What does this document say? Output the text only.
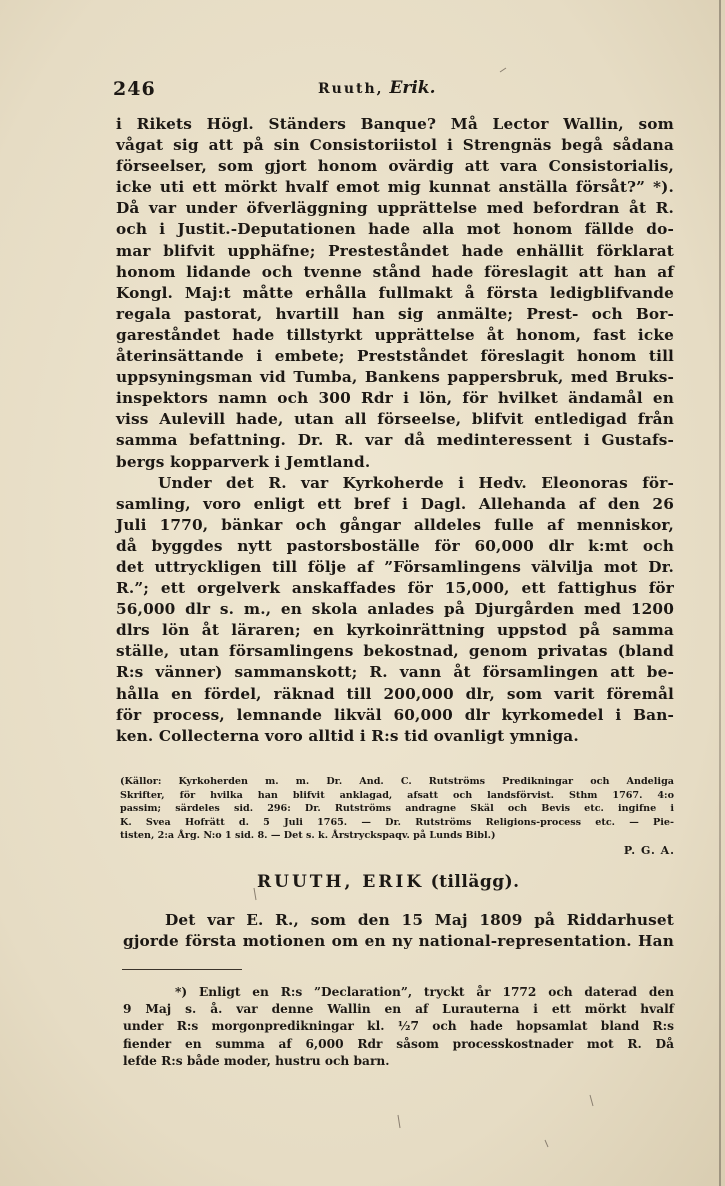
246	Ruuth, Erik.
i Rikets Högl. Ständers Banque? Må Lector Wallin, som
vågat sig att på sin Consistoriistol i Strengnäs begå sådana
förseelser, som gjort honom ovärdig att vara Consistorialis,
icke uti ett mörkt hvalf emot mig kunnat anställa försåt?” *).
Då var under öfverläggning upprättelse med befordran åt R.
och i Justit.-Deputationen hade alla mot honom fällde do-
mar blifvit upphäfne; Presteståndet hade enhällit förklarat
honom lidande och tvenne stånd hade föreslagit att han af
Kongl. Maj:t måtte erhålla fullmakt å första ledigblifvande
regala pastorat, hvartill han sig anmälte; Prest- och Bor-
gareståndet hade tillstyrkt upprättelse åt honom, fast icke
återinsättande i embete; Prestståndet föreslagit honom till
uppsyningsman vid Tumba, Bankens pappersbruk, med Bruks-
inspektors namn och 300 Rdr i lön, för hvilket ändamål en
viss Aulevill hade, utan all förseelse, blifvit entledigad från
samma befattning. Dr. R. var då medinteressent i Gustafs-
bergs kopparverk i Jemtland.
Under det R. var Kyrkoherde i Hedv. Eleonoras för-
samling, voro enligt ett bref i Dagl. Allehanda af den 26
Juli 1770, bänkar och gångar alldeles fulle af menniskor,
då byggdes nytt pastorsboställe för 60,000 dlr k:mt och
det uttryckligen till följe af ”Församlingens välvilja mot Dr.
R.”; ett orgelverk anskaffades för 15,000, ett fattighus för
56,000 dlr s. m., en skola anlades på Djurgården med 1200
dlrs lön åt läraren; en kyrkoinrättning uppstod på samma
ställe, utan församlingens bekostnad, genom privatas (bland
R:s vänner) sammanskott; R. vann åt församlingen att be-
hålla en fördel, räknad till 200,000 dlr, som varit föremål
för process, lemnande likväl 60,000 dlr kyrkomedel i Ban-
ken. Collecterna voro alltid i R:s tid ovanligt ymniga.
(Källor: Kyrkoherden m. m. Dr. And. C. Rutströms Predikningar och Andeliga
Skrifter, för hvilka han blifvit anklagad, afsatt och landsförvist. Sthm 1767. 4:o
passim; särdeles sid. 296: Dr. Rutströms andragne Skäl och Bevis etc. ingifne i
K. Svea Hofrätt d. 5 Juli 1765. — Dr. Rutströms Religions-process etc. — Pie-
tisten, 2:a Årg. N:o 1 sid. 8. — Det s. k. Årstryckspaqv. på Lunds Bibl.)
P. G. A.
RUUTH, ERIK (tillägg).
Det var E. R., som den 15 Maj 1809 på Riddarhuset
gjorde första motionen om en ny national-representation. Han
*) Enligt en R:s ”Declaration”, tryckt år 1772 och daterad den
9 Maj s. å. var denne Wallin en af Lurauterna i ett mörkt hvalf
under R:s morgonpredikningar kl. ½7 och hade hopsamlat bland R:s
fiender en summa af 6,000 Rdr såsom processkostnader mot R. Då
lefde R:s både moder, hustru och barn.
